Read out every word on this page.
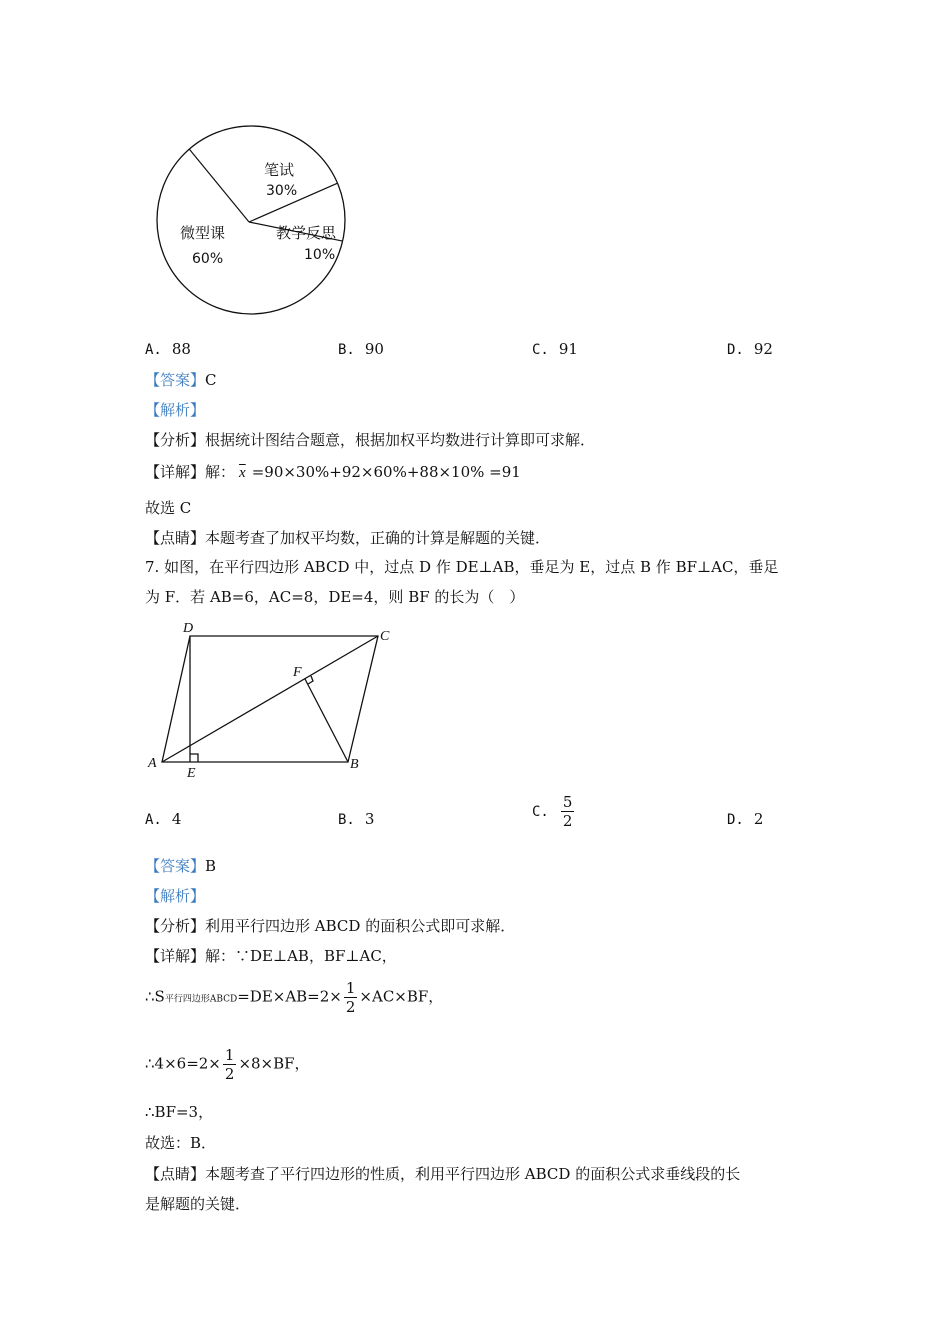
笔试
30%
教学反思
10%
微型课
60%
A. 88	B. 90	C. 91	D. 92
【答案】C
【解析】
【分析】根据统计图结合题意，根据加权平均数进行计算即可求解．
【详解】解： $\overline{x} =90\times 30\%+92\times 60\%+88\times 10\% =91$
故选 C
【点睛】本题考查了加权平均数，正确的计算是解题的关键．
7. 如图，在平行四边形 ABCD 中，过点 D 作 DE⊥AB，垂足为 E，过点 B 作 BF⊥AC，垂足
为 F．若 AB=6，AC=8，DE=4，则 BF 的长为（　）
D
C
F
A
E
B
A. 4	B. 3	C. $\frac{5}{2}$	D. 2
【答案】B
【解析】
【分析】利用平行四边形 ABCD 的面积公式即可求解．
【详解】解：∵DE⊥AB，BF⊥AC，
∴S平行四边形ABCD=DE×AB=2× $\frac{1}{2} \times AC\times BF$，
∴4×6=2× $\frac{1}{2} \times 8\times BF$，
∴BF=3，
故选：B．
【点睛】本题考查了平行四边形的性质，利用平行四边形 ABCD 的面积公式求垂线段的长
是解题的关键．
